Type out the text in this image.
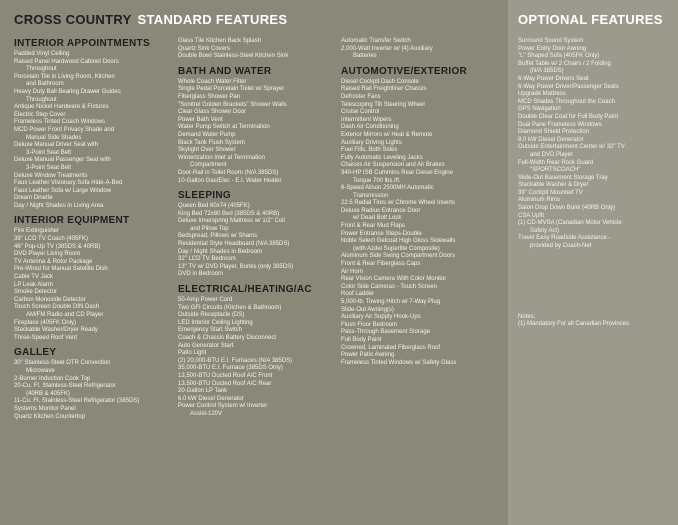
CROSS COUNTRY STANDARD FEATURES
INTERIOR APPOINTMENTS
Padded Vinyl Ceiling
Raised Panel Hardwood Cabinet Doors
Throughout
Porcelain Tile in Living Room, Kitchen
and Bathroom
Heavy Duty Ball Bearing Drawer Guides
Throughout
Antique Nickel Hardware & Fixtures
Electric Step Cover
Frameless Tinted Coach Windows
MCD Power Front Privacy Shade and
Manual Side Shades
Deluxe Manual Driver Seat with
3-Point Seat Belt
Deluxe Manual Passenger Seat with
3-Point Seat Belt
Deluxe Window Treatments
Faux Leather Visionary Sofa Hide-A-Bed
Faux Leather Sofa w/ Large Window
Dream Dinette
Day / Night Shades in Living Area
INTERIOR EQUIPMENT
Fire Extinguisher
39" LCD TV Coach (405FK)
46" Pop-Up TV (385DS & 40RB)
DVD Player Living Room
TV Antenna & Rotor Package
Pre-Wired for Manual Satellite Dish
Cable TV Jack
LP Leak Alarm
Smoke Detector
Carbon Monoxide Detector
Touch Screen Double DIN Dash
AM/FM Radio and CD Player
Fireplace (405FK Only)
Stackable Washer/Dryer Ready
Three-Speed Roof Vent
GALLEY
30" Stainless-Steel OTR Convection
Microwave
2-Burner Induction Cook Top
20-Cu. Ft. Stainless-Steel Refrigerator
(40RB & 405FK)
11-Cu. Ft. Stainless-Steel Refrigerator (385DS)
Systems Monitor Panel
Quartz Kitchen Countertop
Glass Tile Kitchen Back Splash
Quartz Sink Covers
Double Bowl Stainless-Steel Kitchen Sink
BATH AND WATER
Whole Coach Water Filter
Single Pedal Porcelain Toilet w/ Sprayer
Fiberglass Shower Pan
"Sonitrel Golden Brackets" Shower Walls
Clear Glass Shower Door
Power Bath Vent
Water Pump Switch at Termination
Demand Water Pump
Black Tank Flush System
Skylight Over Shower
Winterization Inlet at Termination
Compartment
Door-Rail in Toilet Room (N/A 385DS)
10-Gallon Gas/Elec - E.I. Water Heater
SLEEPING
Queen Bed 60x74 (405FK)
King Bed 72x80 Bed (385DS & 40RB)
Deluxe Innerspring Mattress w/ 1/2" Coil
and Pillow Top
Bedspread, Pillows w/ Shams
Residential Style Headboard (N/A 385DS)
Day / Night Shades in Bedroom
32" LCD TV Bedroom
13" TV w/ DVD Player, Bunks (only 385DS)
DVD in Bedroom
ELECTRICAL/HEATING/AC
50-Amp Power Cord
Two GFI Circuits (Kitchen & Bathroom)
Outside Receptacle (DS)
LED Interior Ceiling Lighting
Emergency Start Switch
Coach & Chassis Battery Disconnect
Auto Generator Start
Patio Light
(2) 20,000-BTU E.I. Furnaces (N/A 385DS)
35,000-BTU E.I. Furnace (385DS Only)
13,500-BTU Ducted Roof A/C Front
13,500-BTU Ducted Roof A/C Rear
20-Gallon LP Tank
6.0 kW Diesel Generator
Power Control System w/ Inverter
Assist-120V
Automatic Transfer Switch
2,000-Watt Inverter w/ (4) Auxiliary
Batteries
AUTOMOTIVE/EXTERIOR
Diesel Cockpit Dash Console
Raised Rail Freightliner Chassis
Defroster Fans
Telescoping Tilt Steering Wheel
Cruise Control
Intermittent Wipers
Dash Air Conditioning
Exterior Mirrors w/ Heat & Remote
Auxiliary Driving Lights
Fuel Fills, Both Sides
Fully Automatic Leveling Jacks
Chassis Air Suspension and Air Brakes
340-HP ISB Cummins Rear Diesel Engine
Torque 700 lbs./ft.
6-Speed Alison 2500MH Automatic
Transmission
22.5 Radial Tires w/ Chrome Wheel Inserts
Deluxe Radius Entrance Door
w/ Dead Bolt Lock
Front & Rear Mud Flaps
Power Entrance Steps-Double
Noble Select Gelcoat High Gloss Sidewalls
(with Azdel Superlite Composite)
Aluminum Side Swing Compartment Doors
Front & Rear Fiberglass Caps
Air Horn
Rear Vision Camera With Color Monitor
Color Side Cameras - Touch Screen
Roof Ladder
5,000-lb. Towing Hitch w/ 7-Way Plug
Slide-Out Awning(s)
Auxiliary Air Supply Hook-Ups
Flush Floor Bedroom
Pass-Through Basement Storage
Full Body Paint
Crowned, Laminated Fiberglass Roof
Power Patio Awning
Frameless Tinted Windows w/ Safety Glass
OPTIONAL FEATURES
Surround Sound System
Power Entry Door Awning
"L" Shaped Sofa (405FK Only)
Buffet Table w/ 2 Chairs / 2 Folding
(N/A 385DS)
6-Way Power Drivers Seat
6-Way Power Driver/Passenger Seats
Upgrade Mattress
MCD Shades Throughout the Coach
GPS Navigation
Double Clear Coat for Full Body Paint
Dual Pane Frameless Windows
Diamond Shield Protection
8.0 kW Diesel Generator
Outside Entertainment Center w/ 32" TV
and DVD Player
Full-Width Rear Rock Guard
"SPORTSCOACH"
Slide-Out Basement Storage Tray
Stackable Washer & Dryer
39" Cockpit Mounted TV
Aluminum Rims
Salon Drop Down Bunk (40RB Only)
CSA Upfit
(1) CD-MVSA (Canadian Motor Vehicle
Safety Act)
Travel Easy Roadside Assistance -
provided by Coach-Net
Notes:
(1) Mandatory For all Canadian Provinces
